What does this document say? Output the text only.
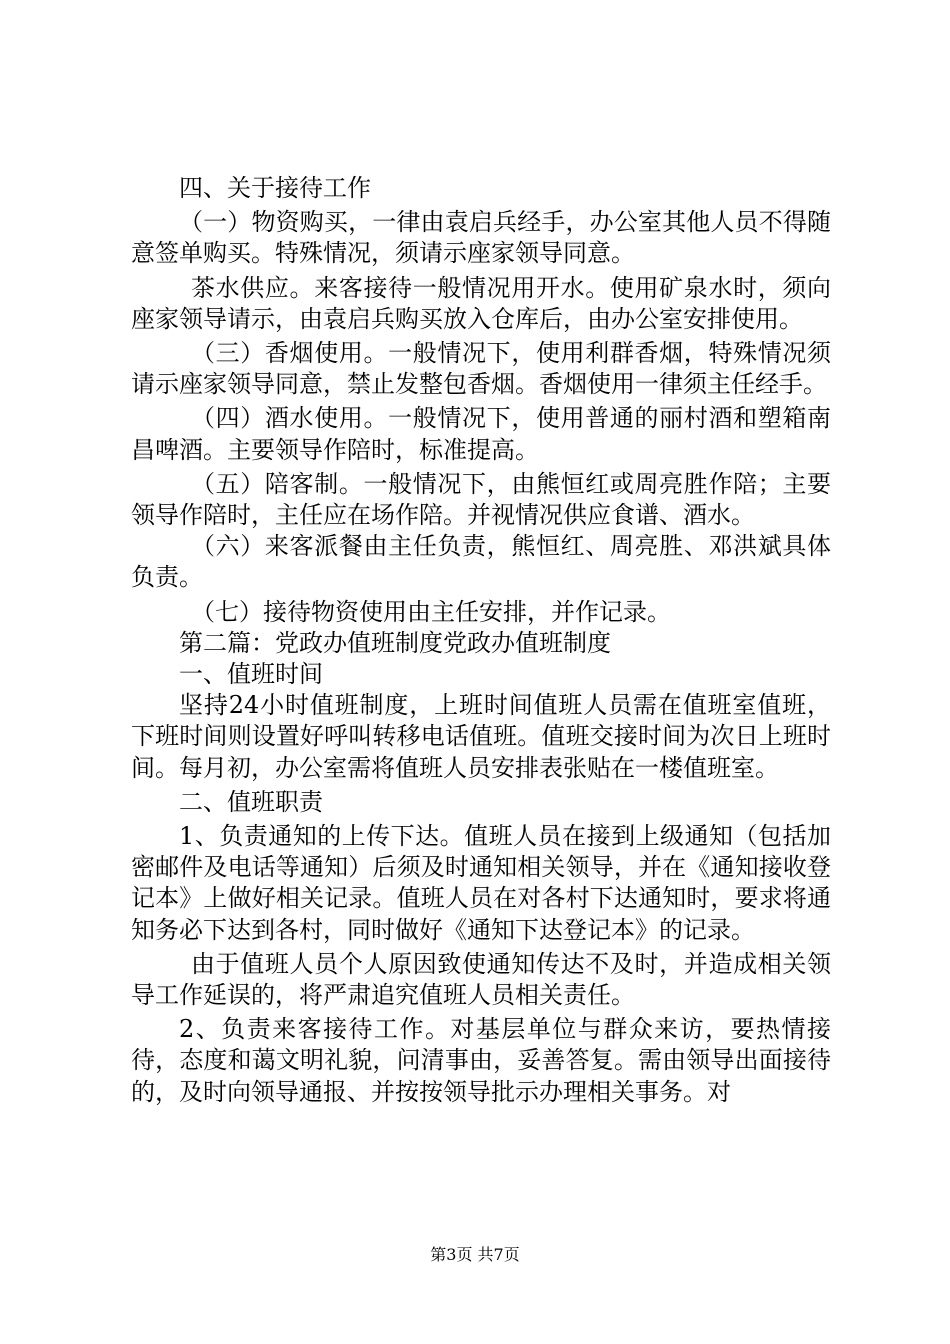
四、关于接待工作

（一）物资购买，一律由袁启兵经手，办公室其他人员不得随意签单购买。特殊情况，须请示座家领导同意。

茶水供应。来客接待一般情况用开水。使用矿泉水时，须向座家领导请示，由袁启兵购买放入仓库后，由办公室安排使用。

（三）香烟使用。一般情况下，使用利群香烟，特殊情况须请示座家领导同意，禁止发整包香烟。香烟使用一律须主任经手。

（四）酒水使用。一般情况下，使用普通的丽村酒和塑箱南昌啤酒。主要领导作陪时，标准提高。

（五）陪客制。一般情况下，由熊恒红或周亮胜作陪；主要领导作陪时，主任应在场作陪。并视情况供应食谱、酒水。

（六）来客派餐由主任负责，熊恒红、周亮胜、邓洪斌具体负责。

（七）接待物资使用由主任安排，并作记录。

第二篇：党政办值班制度党政办值班制度

一、值班时间

坚持24小时值班制度，上班时间值班人员需在值班室值班，下班时间则设置好呼叫转移电话值班。值班交接时间为次日上班时间。每月初，办公室需将值班人员安排表张贴在一楼值班室。

二、值班职责

1、负责通知的上传下达。值班人员在接到上级通知（包括加密邮件及电话等通知）后须及时通知相关领导，并在《通知接收登记本》上做好相关记录。值班人员在对各村下达通知时，要求将通知务必下达到各村，同时做好《通知下达登记本》的记录。

由于值班人员个人原因致使通知传达不及时，并造成相关领导工作延误的，将严肃追究值班人员相关责任。

2、负责来客接待工作。对基层单位与群众来访，要热情接待，态度和蔼文明礼貌，问清事由，妥善答复。需由领导出面接待的，及时向领导通报、并按按领导批示办理相关事务。对

第3页 共7页
